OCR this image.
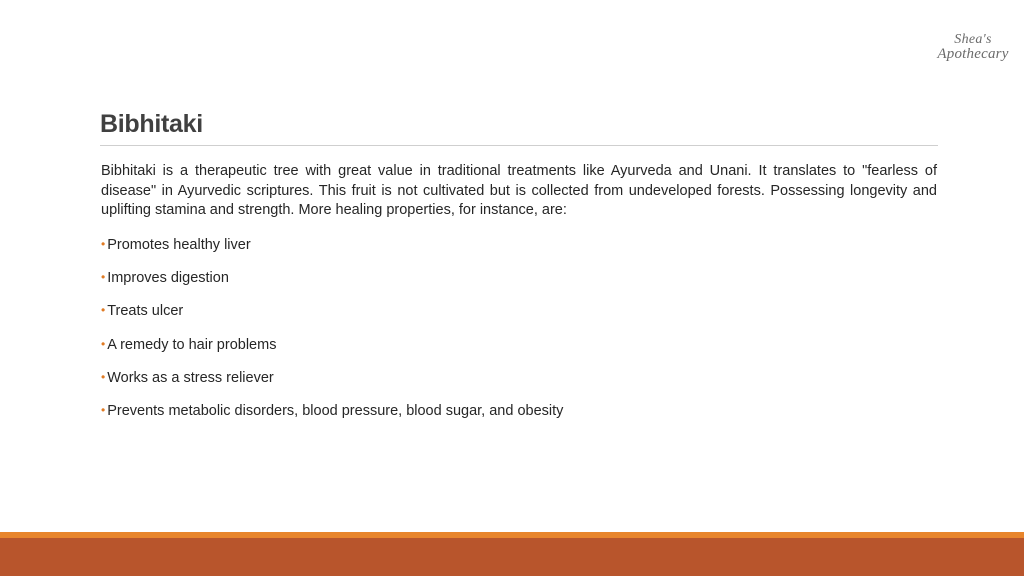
Shea's
Apothecary
Bibhitaki

Bibhitaki is a therapeutic tree with great value in traditional treatments like Ayurveda and Unani. It translates to "fearless of disease" in Ayurvedic scriptures. This fruit is not cultivated but is collected from undeveloped forests. Possessing longevity and uplifting stamina and strength. More healing properties, for instance, are:

• Promotes healthy liver
• Improves digestion
• Treats ulcer
• A remedy to hair problems
• Works as a stress reliever
• Prevents metabolic disorders, blood pressure, blood sugar, and obesity
